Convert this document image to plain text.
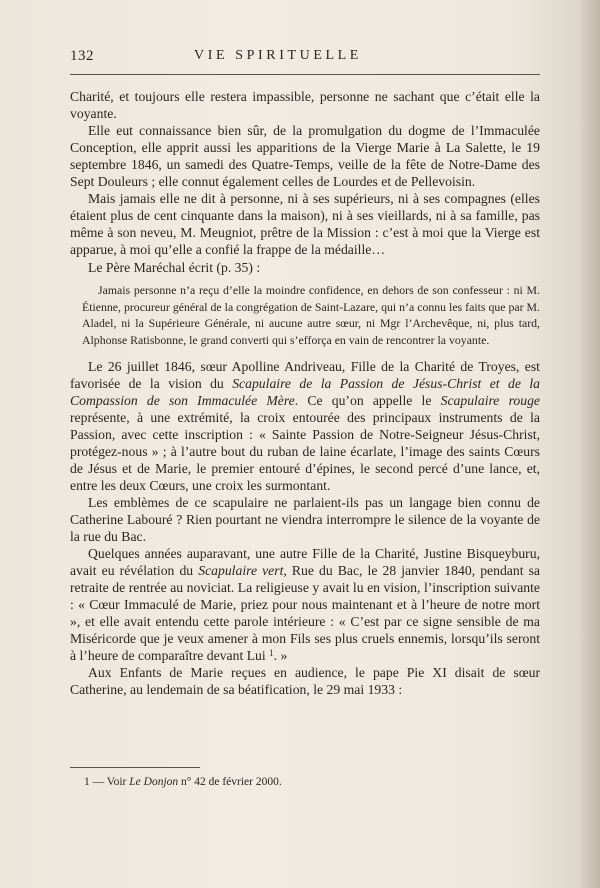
132	VIE SPIRITUELLE

Charité, et toujours elle restera impassible, personne ne sachant que c’était elle la voyante.

Elle eut connaissance bien sûr, de la promulgation du dogme de l’Immaculée Conception, elle apprit aussi les apparitions de la Vierge Marie à La Salette, le 19 septembre 1846, un samedi des Quatre-Temps, veille de la fête de Notre-Dame des Sept Douleurs ; elle connut également celles de Lourdes et de Pellevoisin.

Mais jamais elle ne dit à personne, ni à ses supérieurs, ni à ses compagnes (elles étaient plus de cent cinquante dans la maison), ni à ses vieillards, ni à sa famille, pas même à son neveu, M. Meugniot, prêtre de la Mission : c’est à moi que la Vierge est apparue, à moi qu’elle a confié la frappe de la médaille…

Le Père Maréchal écrit (p. 35) :

Jamais personne n’a reçu d’elle la moindre confidence, en dehors de son confesseur : ni M. Étienne, procureur général de la congrégation de Saint-Lazare, qui n’a connu les faits que par M. Aladel, ni la Supérieure Générale, ni aucune autre sœur, ni Mgr l’Archevêque, ni, plus tard, Alphonse Ratisbonne, le grand converti qui s’efforça en vain de rencontrer la voyante.

Le 26 juillet 1846, sœur Apolline Andriveau, Fille de la Charité de Troyes, est favorisée de la vision du Scapulaire de la Passion de Jésus-Christ et de la Compassion de son Immaculée Mère. Ce qu’on appelle le Scapulaire rouge représente, à une extrémité, la croix entourée des principaux instruments de la Passion, avec cette inscription : « Sainte Passion de Notre-Seigneur Jésus-Christ, protégez-nous » ; à l’autre bout du ruban de laine écarlate, l’image des saints Cœurs de Jésus et de Marie, le premier entouré d’épines, le second percé d’une lance, et, entre les deux Cœurs, une croix les surmontant.

Les emblèmes de ce scapulaire ne parlaient-ils pas un langage bien connu de Catherine Labouré ? Rien pourtant ne viendra interrompre le silence de la voyante de la rue du Bac.

Quelques années auparavant, une autre Fille de la Charité, Justine Bisqueyburu, avait eu révélation du Scapulaire vert, Rue du Bac, le 28 janvier 1840, pendant sa retraite de rentrée au noviciat. La religieuse y avait lu en vision, l’inscription suivante : « Cœur Immaculé de Marie, priez pour nous maintenant et à l’heure de notre mort », et elle avait entendu cette parole intérieure : « C’est par ce signe sensible de ma Miséricorde que je veux amener à mon Fils ses plus cruels ennemis, lorsqu’ils seront à l’heure de comparaître devant Lui $^1$. »

Aux Enfants de Marie reçues en audience, le pape Pie XI disait de sœur Catherine, au lendemain de sa béatification, le 29 mai 1933 :

1 — Voir Le Donjon n° 42 de février 2000.
